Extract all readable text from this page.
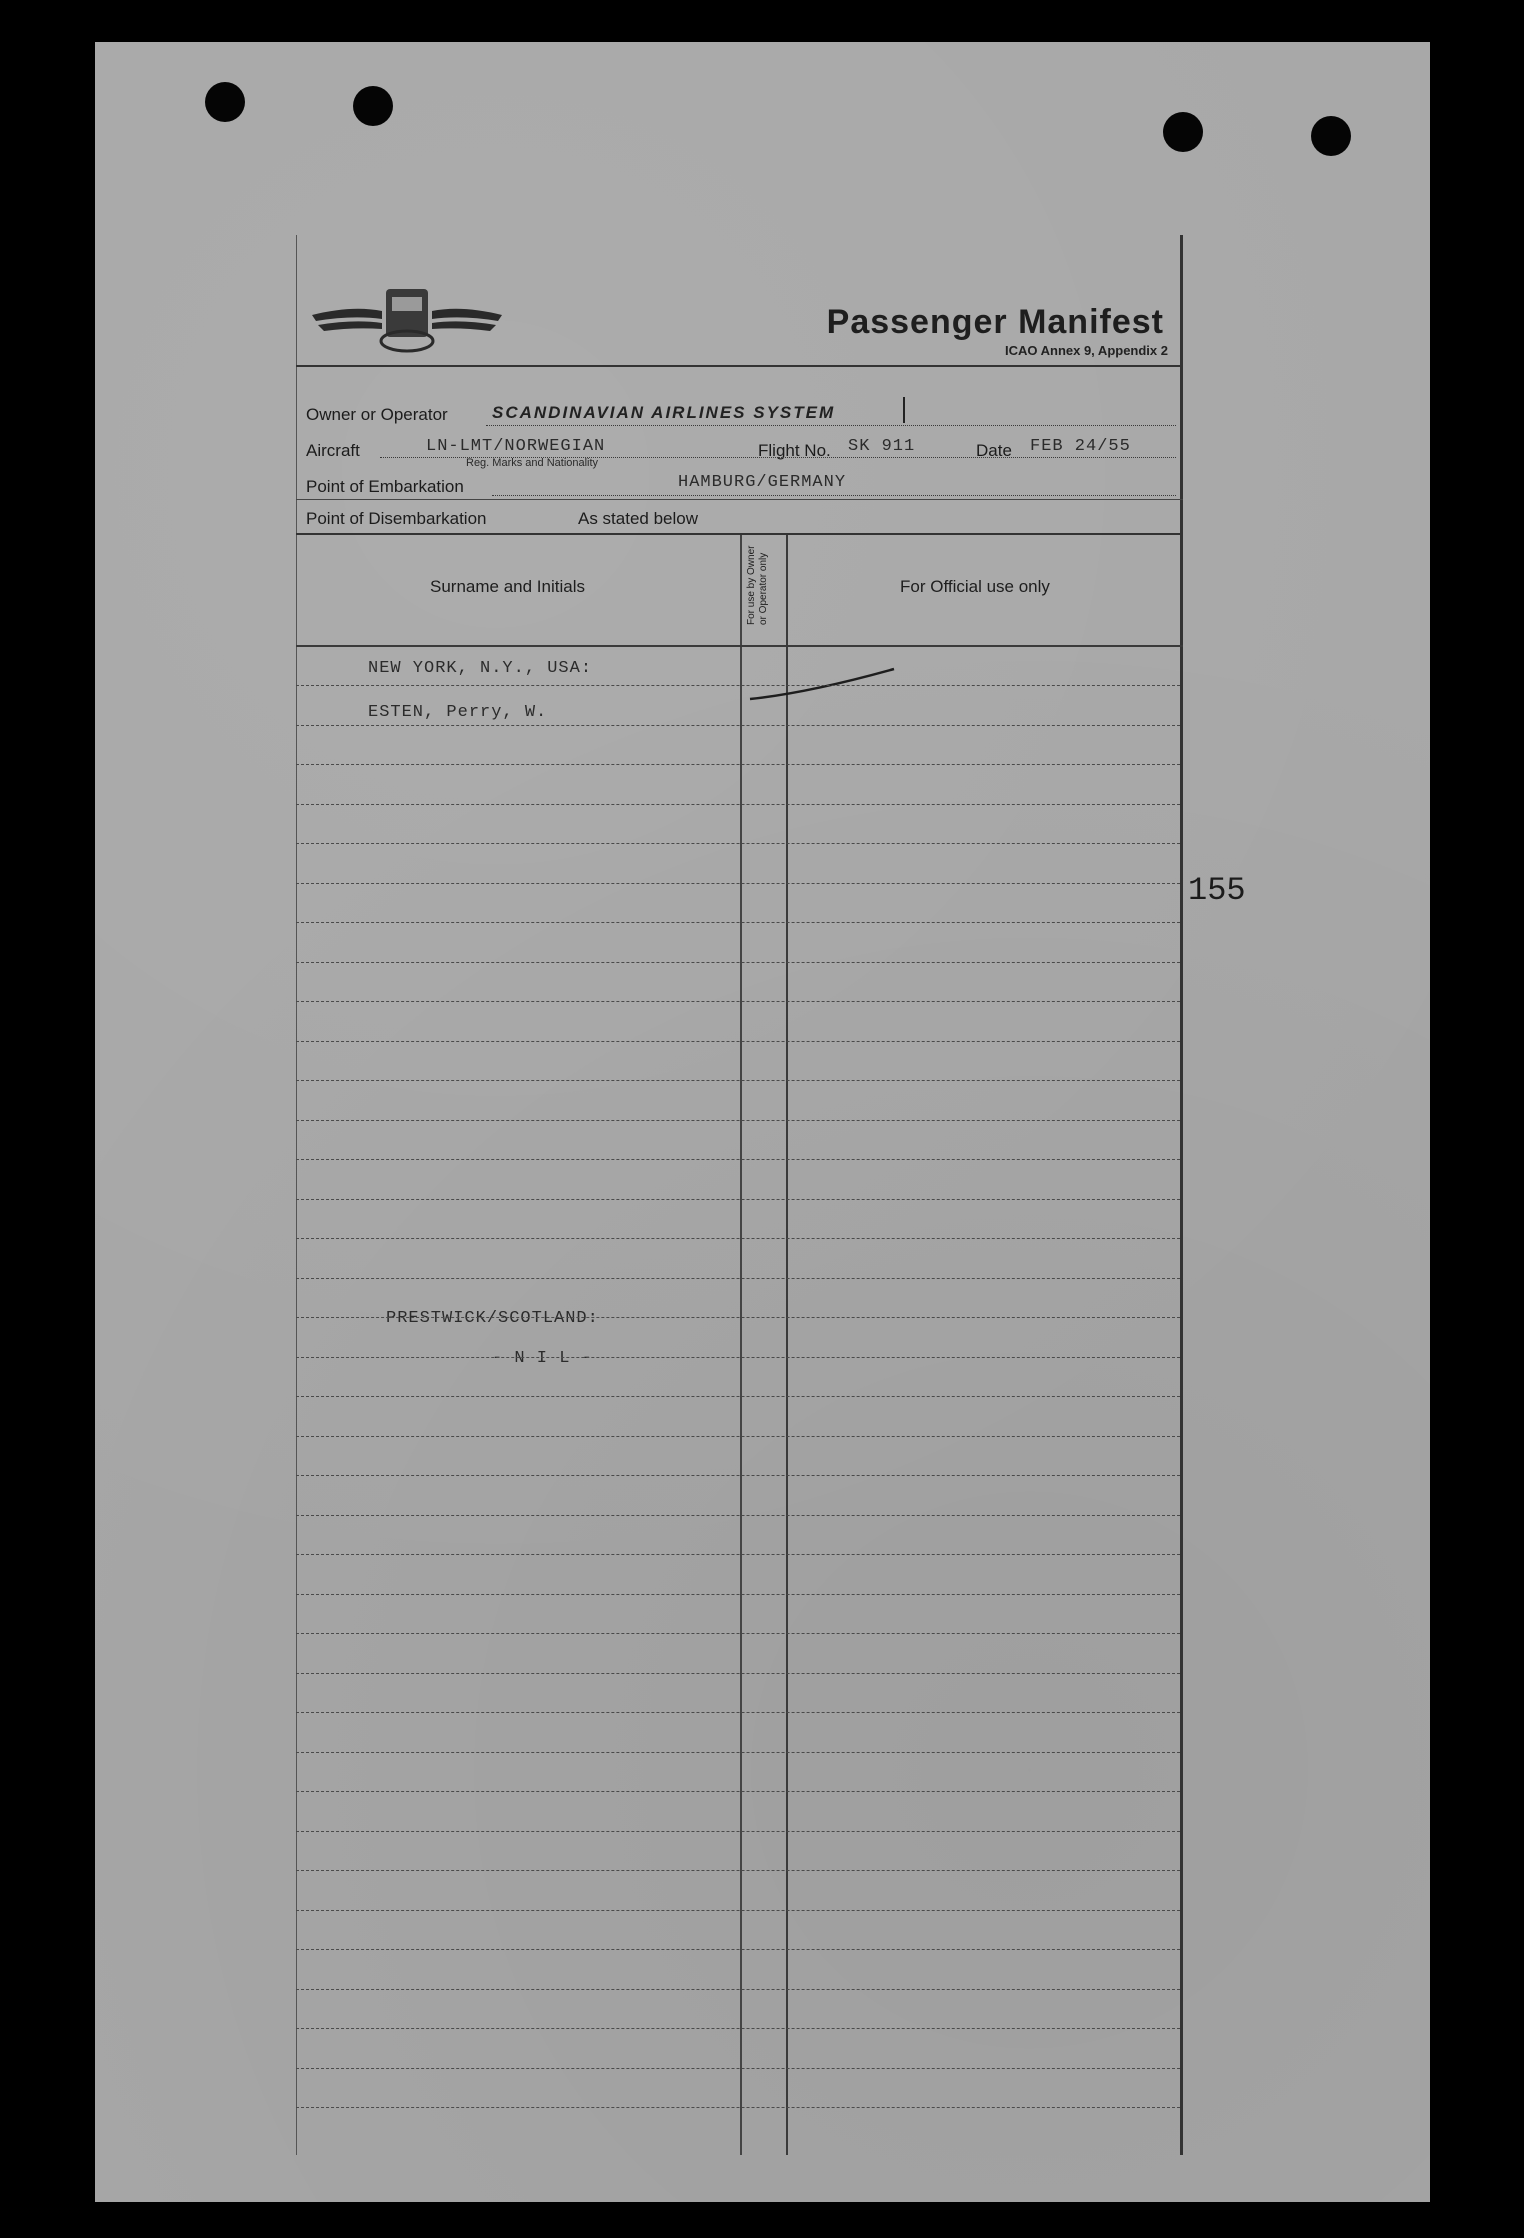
Passenger Manifest
ICAO Annex 9, Appendix 2
Owner or Operator	SCANDINAVIAN AIRLINES SYSTEM
Aircraft	LN-LMT/NORWEGIAN
Reg. Marks and Nationality
Flight No. SK 911	Date FEB 24/55
Point of Embarkation	HAMBURG/GERMANY
Point of Disembarkation	As stated below
Surname and Initials	For use by Owner or Operator only	For Official use only
NEW YORK, N.Y., USA:
ESTEN, Perry, W.
PRESTWICK/SCOTLAND:
- N I L -
155
